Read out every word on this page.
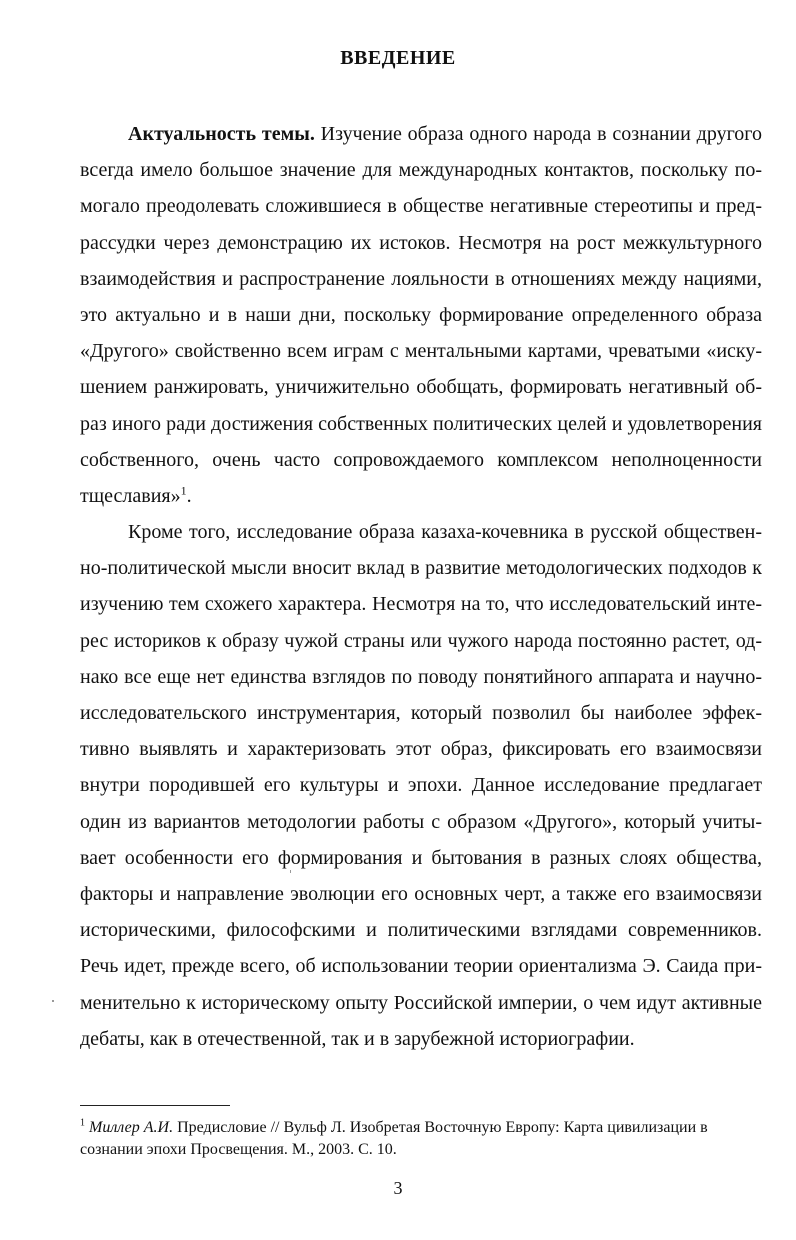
ВВЕДЕНИЕ
Актуальность темы. Изучение образа одного народа в сознании другого
всегда имело большое значение для международных контактов, поскольку по-
могало преодолевать сложившиеся в обществе негативные стереотипы и пред-
рассудки через демонстрацию их истоков. Несмотря на рост межкультурного
взаимодействия и распространение лояльности в отношениях между нациями,
это актуально и в наши дни, поскольку формирование определенного образа
«Другого» свойственно всем играм с ментальными картами, чреватыми «иску-
шением ранжировать, уничижительно обобщать, формировать негативный об-
раз иного ради достижения собственных политических целей и удовлетворения
собственного, очень часто сопровождаемого комплексом неполноценности
тщеславия»$^1$.
Кроме того, исследование образа казаха-кочевника в русской обществен-
но-политической мысли вносит вклад в развитие методологических подходов к
изучению тем схожего характера. Несмотря на то, что исследовательский инте-
рес историков к образу чужой страны или чужого народа постоянно растет, од-
нако все еще нет единства взглядов по поводу понятийного аппарата и научно-
исследовательского инструментария, который позволил бы наиболее эффек-
тивно выявлять и характеризовать этот образ, фиксировать его взаимосвязи
внутри породившей его культуры и эпохи. Данное исследование предлагает
один из вариантов методологии работы с образом «Другого», который учиты-
вает особенности его формирования и бытования в разных слоях общества,
факторы и направление эволюции его основных черт, а также его взаимосвязи
историческими, философскими и политическими взглядами современников.
Речь идет, прежде всего, об использовании теории ориентализма Э. Саида при-
менительно к историческому опыту Российской империи, о чем идут активные
дебаты, как в отечественной, так и в зарубежной историографии.
$^1$ Миллер А.И. Предисловие // Вульф Л. Изобретая Восточную Европу: Карта цивилизации в
сознании эпохи Просвещения. М., 2003. С. 10.
3
